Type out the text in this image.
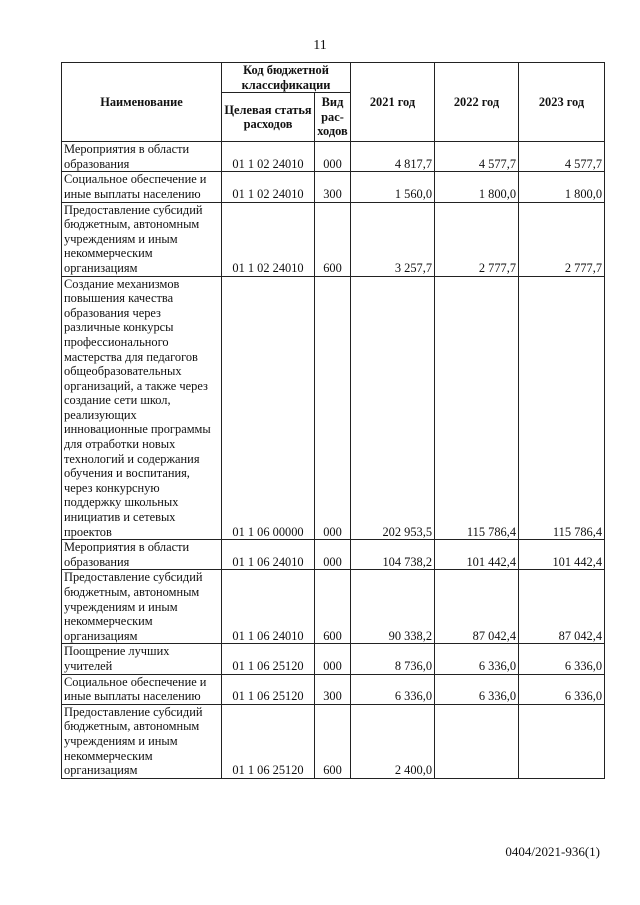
11
Наименование	Код бюджетной классификации		2021 год	2022 год	2023 год
	Целевая статья расходов	Вид рас-ходов			
Мероприятия в области образования	01 1 02 24010	000	4 817,7	4 577,7	4 577,7
Социальное обеспечение и иные выплаты населению	01 1 02 24010	300	1 560,0	1 800,0	1 800,0
Предоставление субсидий бюджетным, автономным учреждениям и иным некоммерческим организациям	01 1 02 24010	600	3 257,7	2 777,7	2 777,7
Создание механизмов повышения качества образования через различные конкурсы профессионального мастерства для педагогов общеобразовательных организаций, а также через создание сети школ, реализующих инновационные программы для отработки новых технологий и содержания обучения и воспитания, через конкурсную поддержку школьных инициатив и сетевых проектов	01 1 06 00000	000	202 953,5	115 786,4	115 786,4
Мероприятия в области образования	01 1 06 24010	000	104 738,2	101 442,4	101 442,4
Предоставление субсидий бюджетным, автономным учреждениям и иным некоммерческим организациям	01 1 06 24010	600	90 338,2	87 042,4	87 042,4
Поощрение лучших учителей	01 1 06 25120	000	8 736,0	6 336,0	6 336,0
Социальное обеспечение и иные выплаты населению	01 1 06 25120	300	6 336,0	6 336,0	6 336,0
Предоставление субсидий бюджетным, автономным учреждениям и иным некоммерческим организациям	01 1 06 25120	600	2 400,0		
0404/2021-936(1)
